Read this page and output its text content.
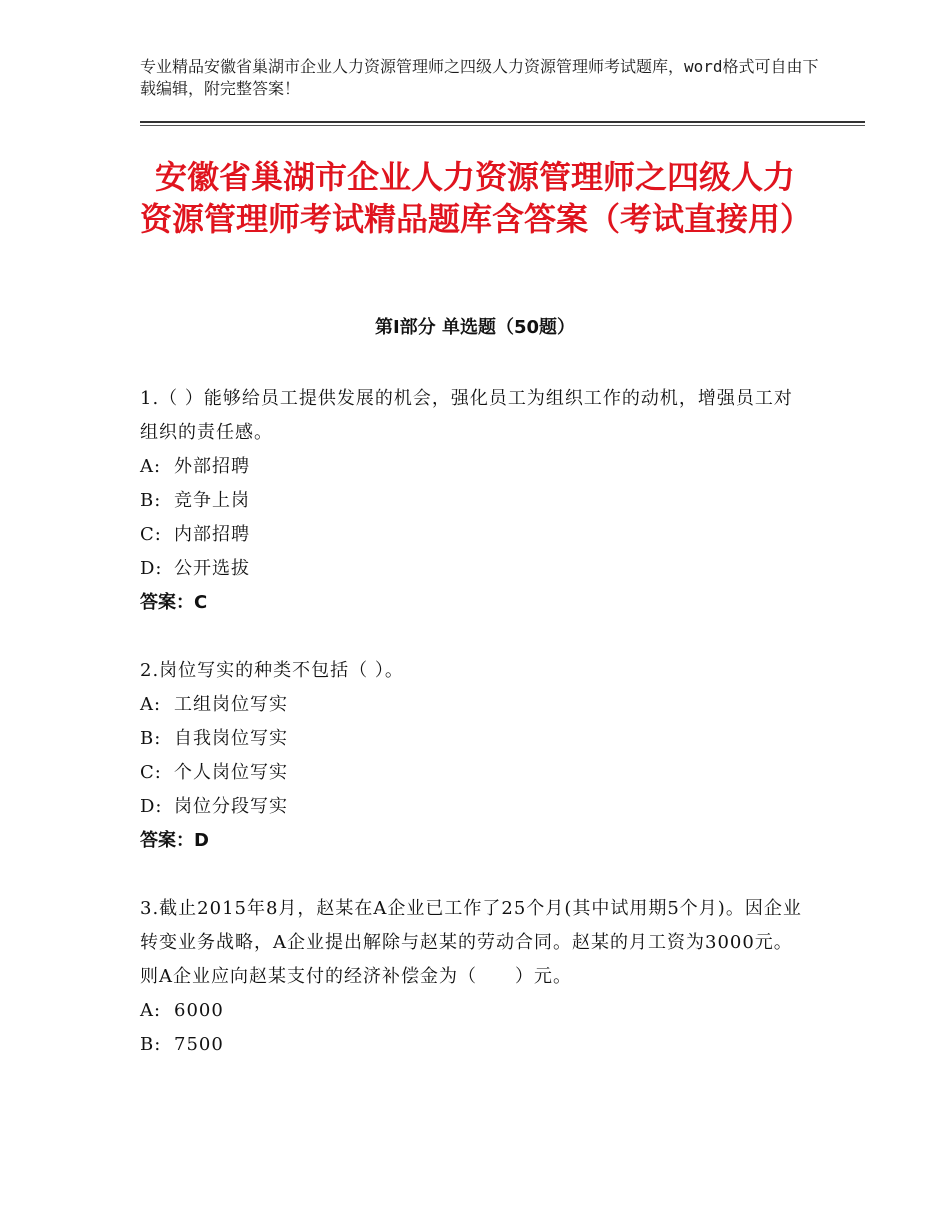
专业精品安徽省巢湖市企业人力资源管理师之四级人力资源管理师考试题库，word格式可自由下载编辑，附完整答案！
安徽省巢湖市企业人力资源管理师之四级人力资源管理师考试精品题库含答案（考试直接用）
第Ⅰ部分 单选题（50题）
1.（ ）能够给员工提供发展的机会，强化员工为组织工作的动机，增强员工对组织的责任感。
A: 外部招聘
B: 竞争上岗
C: 内部招聘
D: 公开选拔
答案：C
2.岗位写实的种类不包括（ ）。
A: 工组岗位写实
B: 自我岗位写实
C: 个人岗位写实
D: 岗位分段写实
答案：D
3.截止2015年8月，赵某在A企业已工作了25个月(其中试用期5个月)。因企业转变业务战略，A企业提出解除与赵某的劳动合同。赵某的月工资为3000元。则A企业应向赵某支付的经济补偿金为（　　）元。
A: 6000
B: 7500
